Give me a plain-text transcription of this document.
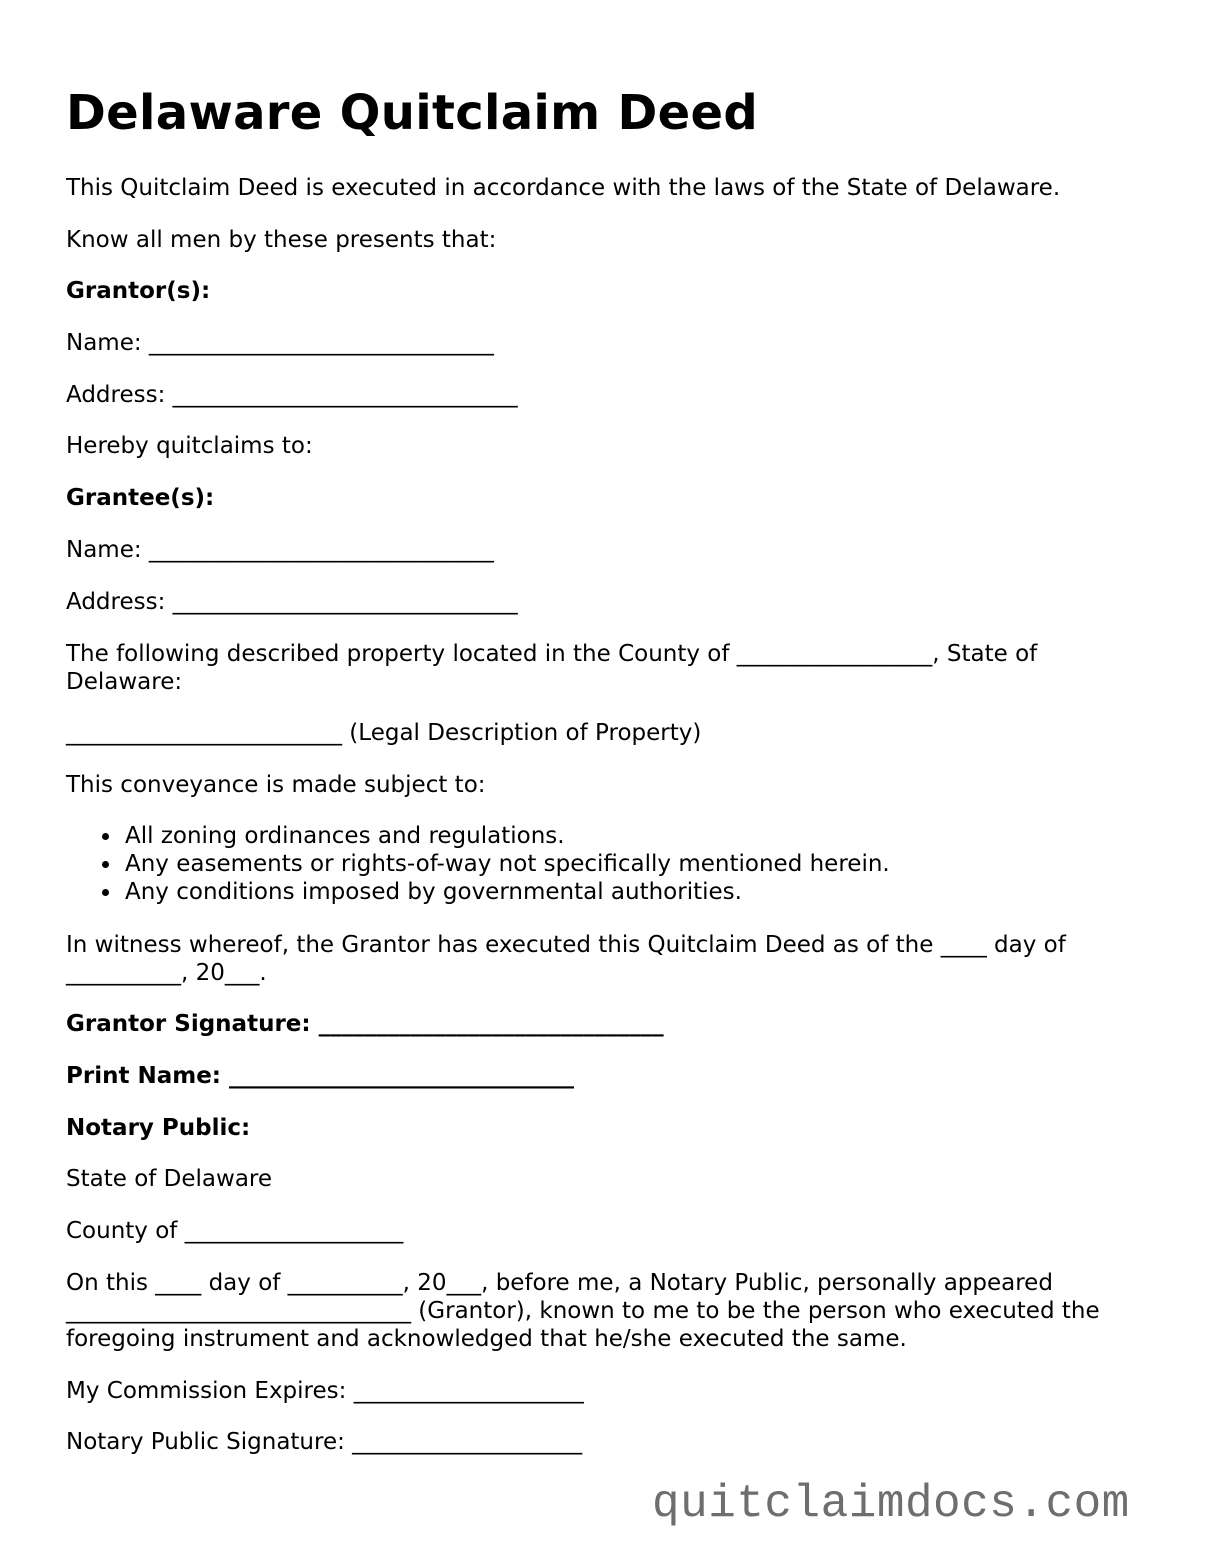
Delaware Quitclaim Deed

This Quitclaim Deed is executed in accordance with the laws of the State of Delaware.

Know all men by these presents that:

Grantor(s):

Name: ______________________________

Address: ______________________________

Hereby quitclaims to:

Grantee(s):

Name: ______________________________

Address: ______________________________

The following described property located in the County of _________________, State of Delaware:

________________________ (Legal Description of Property)

This conveyance is made subject to:

All zoning ordinances and regulations.
Any easements or rights-of-way not specifically mentioned herein.
Any conditions imposed by governmental authorities.

In witness whereof, the Grantor has executed this Quitclaim Deed as of the ____ day of __________, 20___.

Grantor Signature: ______________________________

Print Name: ______________________________

Notary Public:

State of Delaware

County of ___________________

On this ____ day of __________, 20___, before me, a Notary Public, personally appeared ______________________________ (Grantor), known to me to be the person who executed the foregoing instrument and acknowledged that he/she executed the same.

My Commission Expires: ____________________

Notary Public Signature: ____________________

quitclaimdocs.com
